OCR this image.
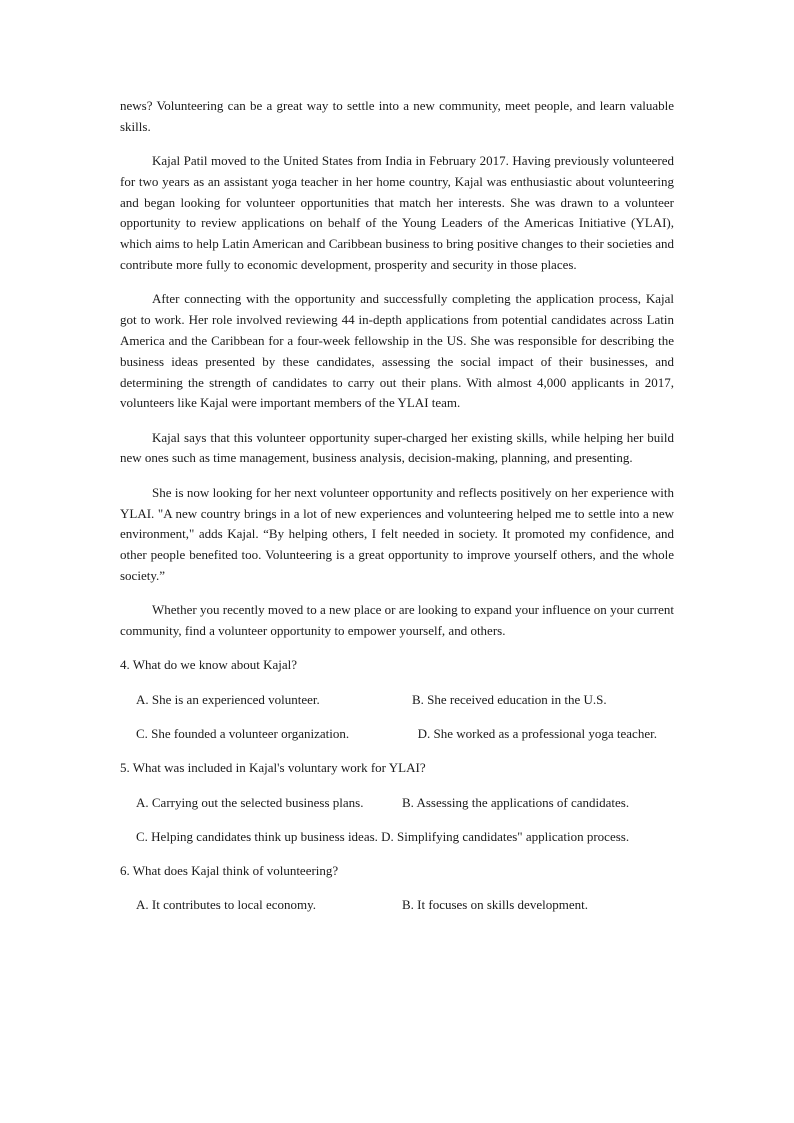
news? Volunteering can be a great way to settle into a new community, meet people, and learn valuable skills.

Kajal Patil moved to the United States from India in February 2017. Having previously volunteered for two years as an assistant yoga teacher in her home country, Kajal was enthusiastic about volunteering and began looking for volunteer opportunities that match her interests. She was drawn to a volunteer opportunity to review applications on behalf of the Young Leaders of the Americas Initiative (YLAI), which aims to help Latin American and Caribbean business to bring positive changes to their societies and contribute more fully to economic development, prosperity and security in those places.

After connecting with the opportunity and successfully completing the application process, Kajal got to work. Her role involved reviewing 44 in-depth applications from potential candidates across Latin America and the Caribbean for a four-week fellowship in the US. She was responsible for describing the business ideas presented by these candidates, assessing the social impact of their businesses, and determining the strength of candidates to carry out their plans. With almost 4,000 applicants in 2017, volunteers like Kajal were important members of the YLAI team.

Kajal says that this volunteer opportunity super-charged her existing skills, while helping her build new ones such as time management, business analysis, decision-making, planning, and presenting.

She is now looking for her next volunteer opportunity and reflects positively on her experience with YLAI. "A new country brings in a lot of new experiences and volunteering helped me to settle into a new environment," adds Kajal. “By helping others, I felt needed in society. It promoted my confidence, and other people benefited too. Volunteering is a great opportunity to improve yourself others, and the whole society.”

Whether you recently moved to a new place or are looking to expand your influence on your current community, find a volunteer opportunity to empower yourself, and others.

4. What do we know about Kajal?

A. She is an experienced volunteer.	B. She received education in the U.S.

C. She founded a volunteer organization.	D. She worked as a professional yoga teacher.

5. What was included in Kajal's voluntary work for YLAI?

A. Carrying out the selected business plans.	B. Assessing the applications of candidates.

C. Helping candidates think up business ideas. D. Simplifying candidates" application process.

6. What does Kajal think of volunteering?

A. It contributes to local economy.	B. It focuses on skills development.
